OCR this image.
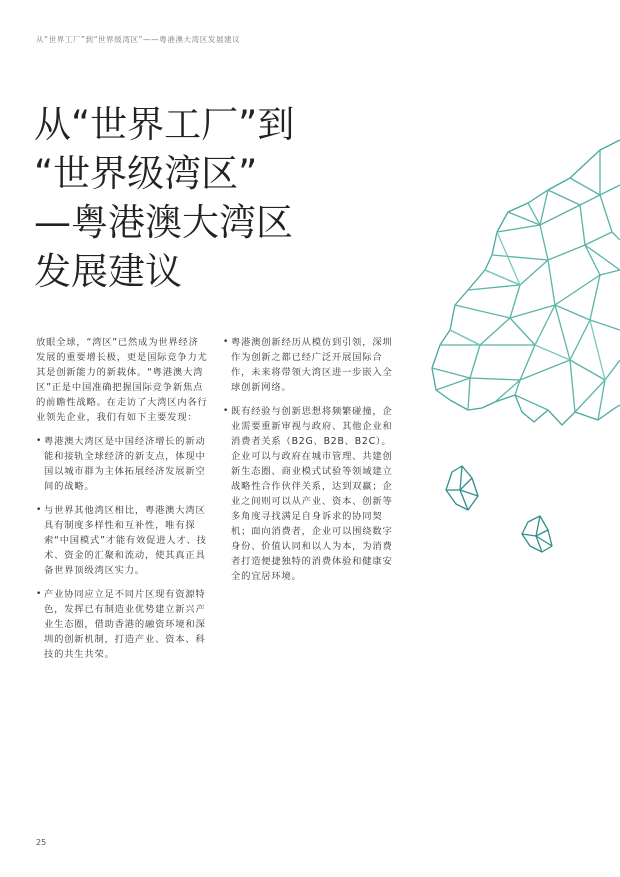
从“世界工厂”到“世界级湾区”——粤港澳大湾区发展建议
从“世界工厂”到
“世界级湾区”
—粤港澳大湾区
发展建议

放眼全球，“湾区”已然成为世界经济发展的重要增长极，更是国际竞争力尤其是创新能力的新载体。“粤港澳大湾区”正是中国准确把握国际竞争新焦点的前瞻性战略。在走访了大湾区内各行业领先企业，我们有如下主要发现：

• 粤港澳大湾区是中国经济增长的新动能和接轨全球经济的新支点，体现中国以城市群为主体拓展经济发展新空间的战略。
• 与世界其他湾区相比，粤港澳大湾区具有制度多样性和互补性，唯有探索“中国模式”才能有效促进人才、技术、资金的汇聚和流动，使其真正具备世界顶级湾区实力。
• 产业协同应立足不同片区现有资源特色，发挥已有制造业优势建立新兴产业生态圈，借助香港的融资环境和深圳的创新机制，打造产业、资本、科技的共生共荣。
• 粤港澳创新经历从模仿到引领，深圳作为创新之都已经广泛开展国际合作，未来将带领大湾区进一步嵌入全球创新网络。
• 既有经验与创新思想将频繁碰撞，企业需要重新审视与政府、其他企业和消费者关系（B2G、B2B、B2C）。企业可以与政府在城市管理、共建创新生态圈、商业模式试验等领域建立战略性合作伙伴关系，达到双赢；企业之间则可以从产业、资本、创新等多角度寻找满足自身诉求的协同契机；面向消费者，企业可以围绕数字身份、价值认同和以人为本，为消费者打造便捷独特的消费体验和健康安全的宜居环境。
25
